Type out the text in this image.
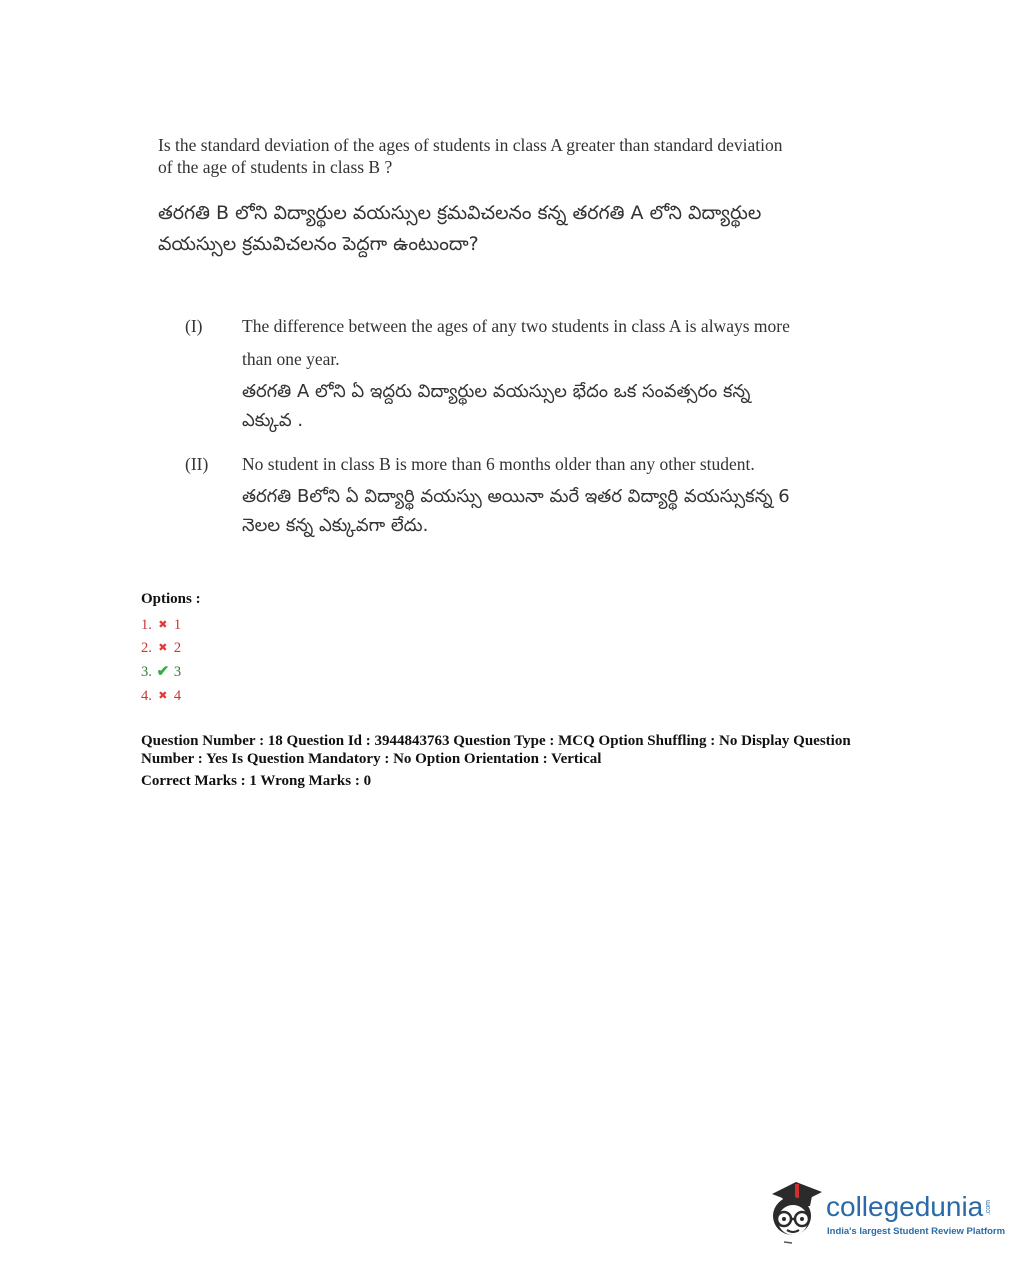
Is the standard deviation of the ages of students in class A greater than standard deviation of the age of students in class B ?
తరగతి B లోని విద్యార్థుల వయస్సుల క్రమవిచలనం కన్న తరగతి A లోని విద్యార్థుల వయస్సుల క్రమవిచలనం పెద్దగా ఉంటుందా?
(I) The difference between the ages of any two students in class A is always more than one year.
తరగతి A లోని ఏ ఇద్దరు విద్యార్థుల వయస్సుల భేదం ఒక సంవత్సరం కన్న ఎక్కువ .
(II) No student in class B is more than 6 months older than any other student.
తరగతి Bలోని ఏ విద్యార్థి వయస్సు అయినా మరే ఇతర విద్యార్థి వయస్సుకన్న 6 నెలల కన్న ఎక్కువగా లేదు.
Options :
1. ✖ 1
2. ✖ 2
3. ✔ 3
4. ✖ 4
Question Number : 18 Question Id : 3944843763 Question Type : MCQ Option Shuffling : No Display Question
Number : Yes Is Question Mandatory : No Option Orientation : Vertical
Correct Marks : 1 Wrong Marks : 0
collegedunia .com
India's largest Student Review Platform
